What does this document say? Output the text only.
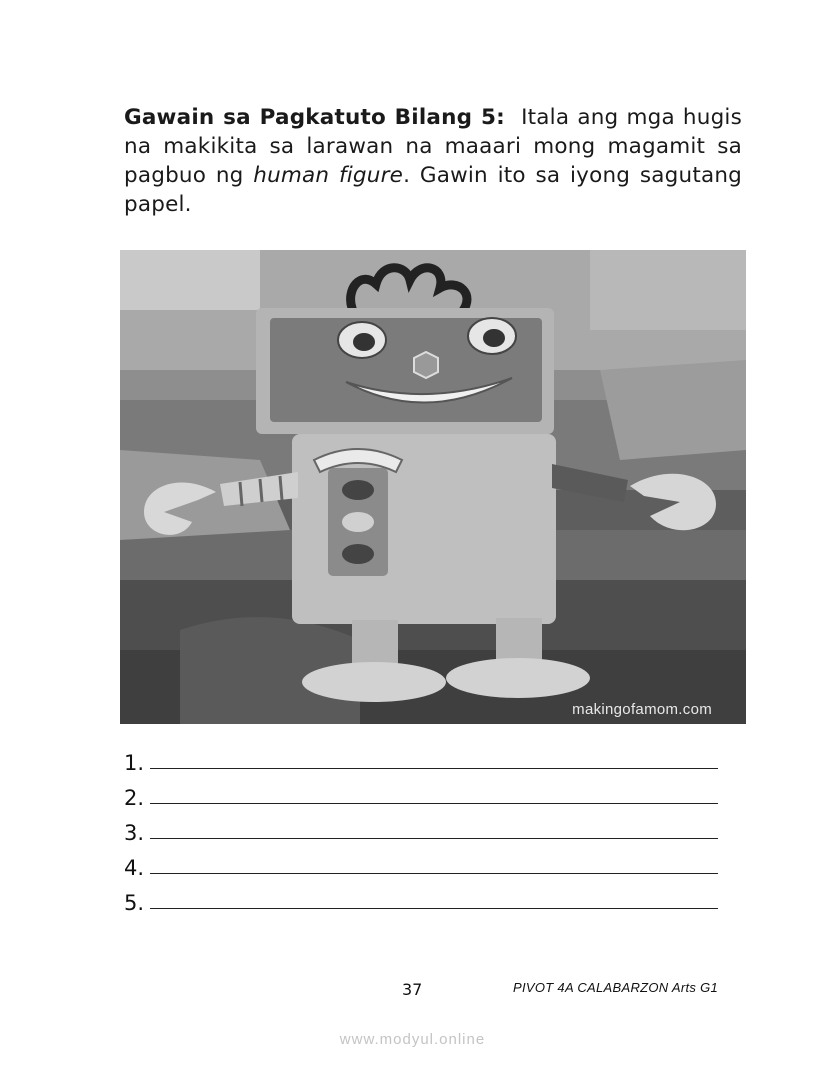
Gawain sa Pagkatuto Bilang 5: Itala ang mga hugis na makikita sa larawan na maaari mong magamit sa pagbuo ng human figure. Gawin ito sa iyong sagutang papel.
makingofamom.com
1.
2.
3.
4.
5.
37	PIVOT 4A CALABARZON Arts G1
www.modyul.online
